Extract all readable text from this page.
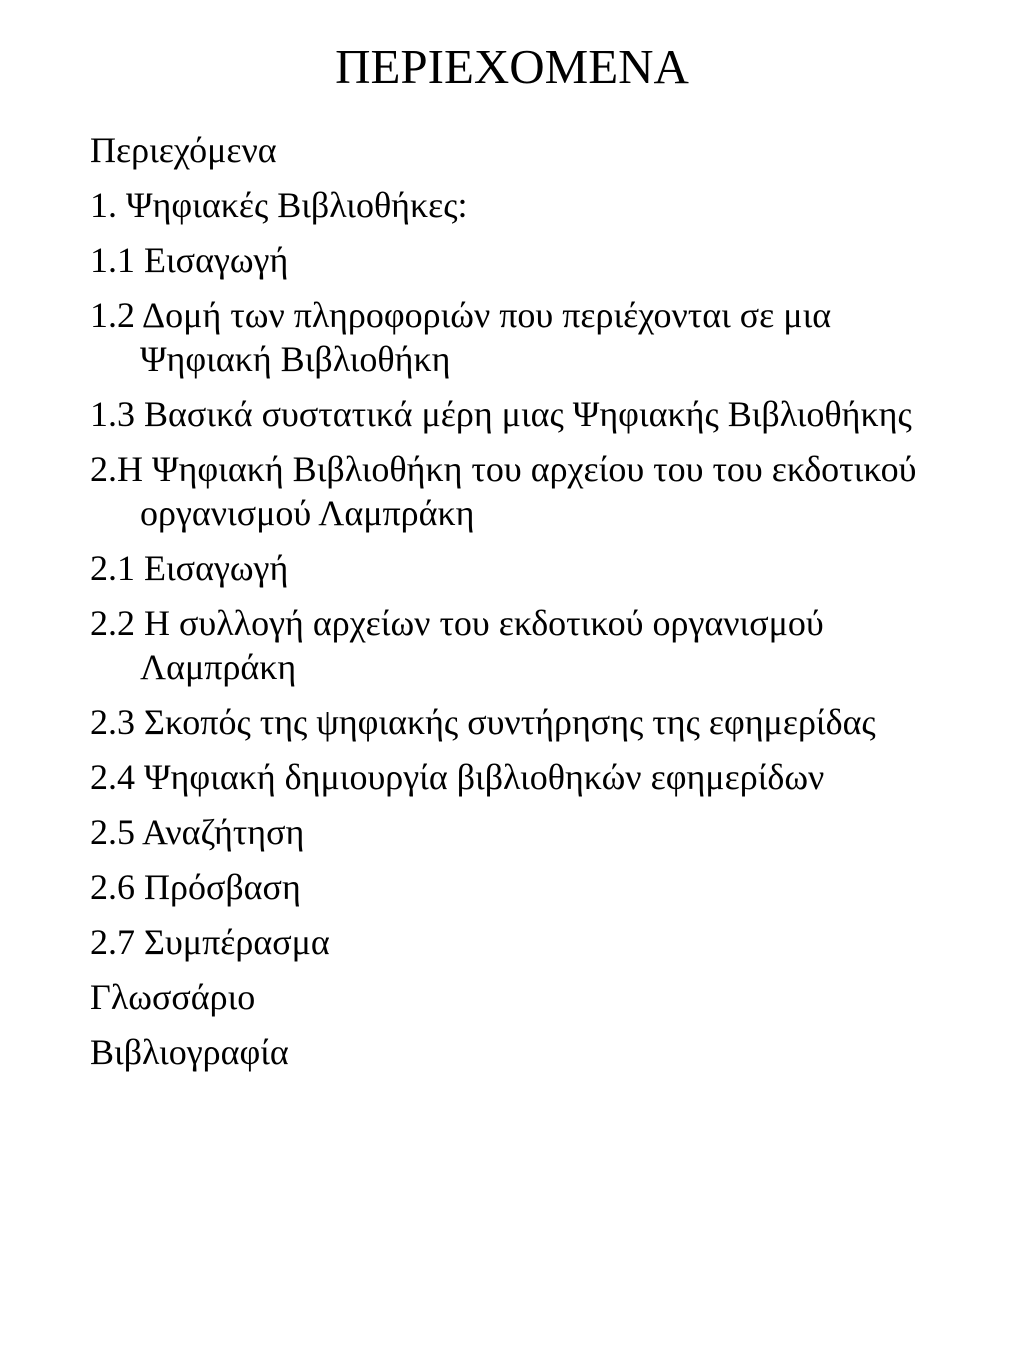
ΠΕΡΙΕΧΟΜΕΝΑ
Περιεχόμενα
1. Ψηφιακές Βιβλιοθήκες:
1.1 Εισαγωγή
1.2 Δομή των πληροφοριών που περιέχονται σε μια Ψηφιακή Βιβλιοθήκη
1.3 Βασικά συστατικά μέρη μιας Ψηφιακής Βιβλιοθήκης
2.Η Ψηφιακή Βιβλιοθήκη του αρχείου του του εκδοτικού οργανισμού Λαμπράκη
2.1 Εισαγωγή
2.2 Η συλλογή αρχείων του εκδοτικού οργανισμού Λαμπράκη
2.3 Σκοπός της ψηφιακής συντήρησης της εφημερίδας
2.4 Ψηφιακή δημιουργία βιβλιοθηκών εφημερίδων
2.5 Αναζήτηση
2.6 Πρόσβαση
2.7 Συμπέρασμα
Γλωσσάριο
Βιβλιογραφία
